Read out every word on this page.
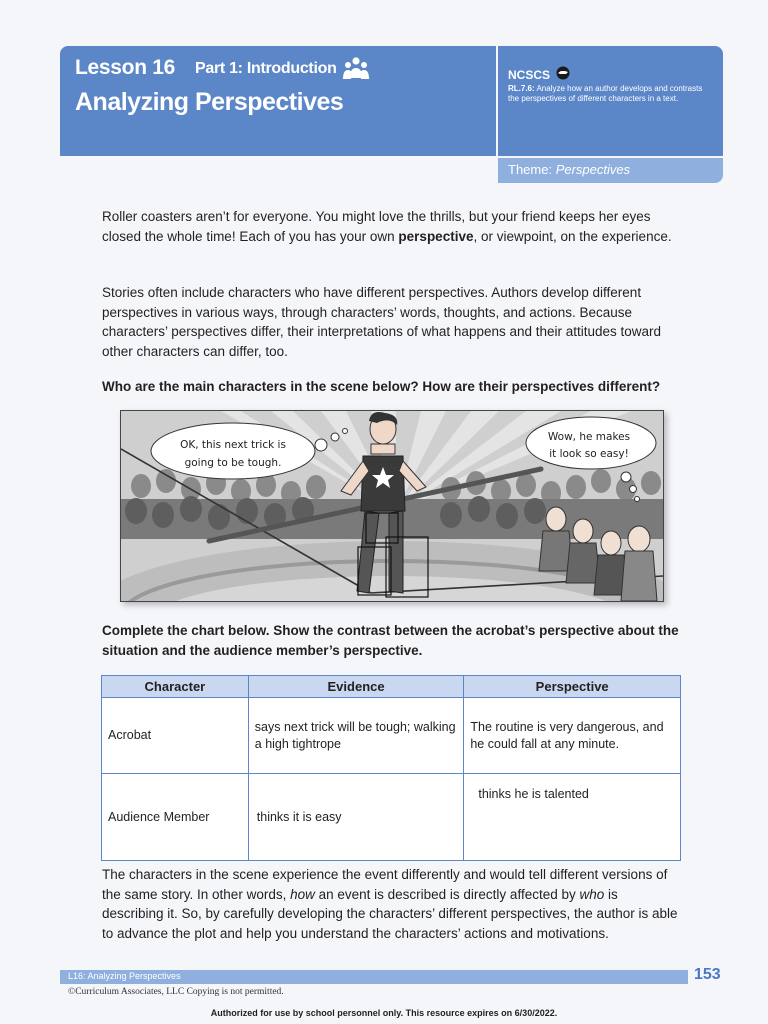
Lesson 16 Part 1: Introduction
Analyzing Perspectives
NCSCS
RL.7.6: Analyze how an author develops and contrasts the perspectives of different characters in a text.
Theme: Perspectives

Roller coasters aren’t for everyone. You might love the thrills, but your friend keeps her eyes closed the whole time! Each of you has your own perspective, or viewpoint, on the experience.

Stories often include characters who have different perspectives. Authors develop different perspectives in various ways, through characters’ words, thoughts, and actions. Because characters’ perspectives differ, their interpretations of what happens and their attitudes toward other characters can differ, too.

Who are the main characters in the scene below? How are their perspectives different?

OK, this next trick is
going to be tough.
Wow, he makes
it look so easy!

Complete the chart below. Show the contrast between the acrobat’s perspective about the situation and the audience member’s perspective.

Character	Evidence	Perspective
Acrobat	says next trick will be tough; walking a high tightrope	The routine is very dangerous, and he could fall at any minute.
Audience Member	thinks it is easy	thinks he is talented

The characters in the scene experience the event differently and would tell different versions of the same story. In other words, how an event is described is directly affected by who is describing it. So, by carefully developing the characters’ different perspectives, the author is able to advance the plot and help you understand the characters’ actions and motivations.

L16: Analyzing Perspectives	153
©Curriculum Associates, LLC Copying is not permitted.
Authorized for use by school personnel only. This resource expires on 6/30/2022.
